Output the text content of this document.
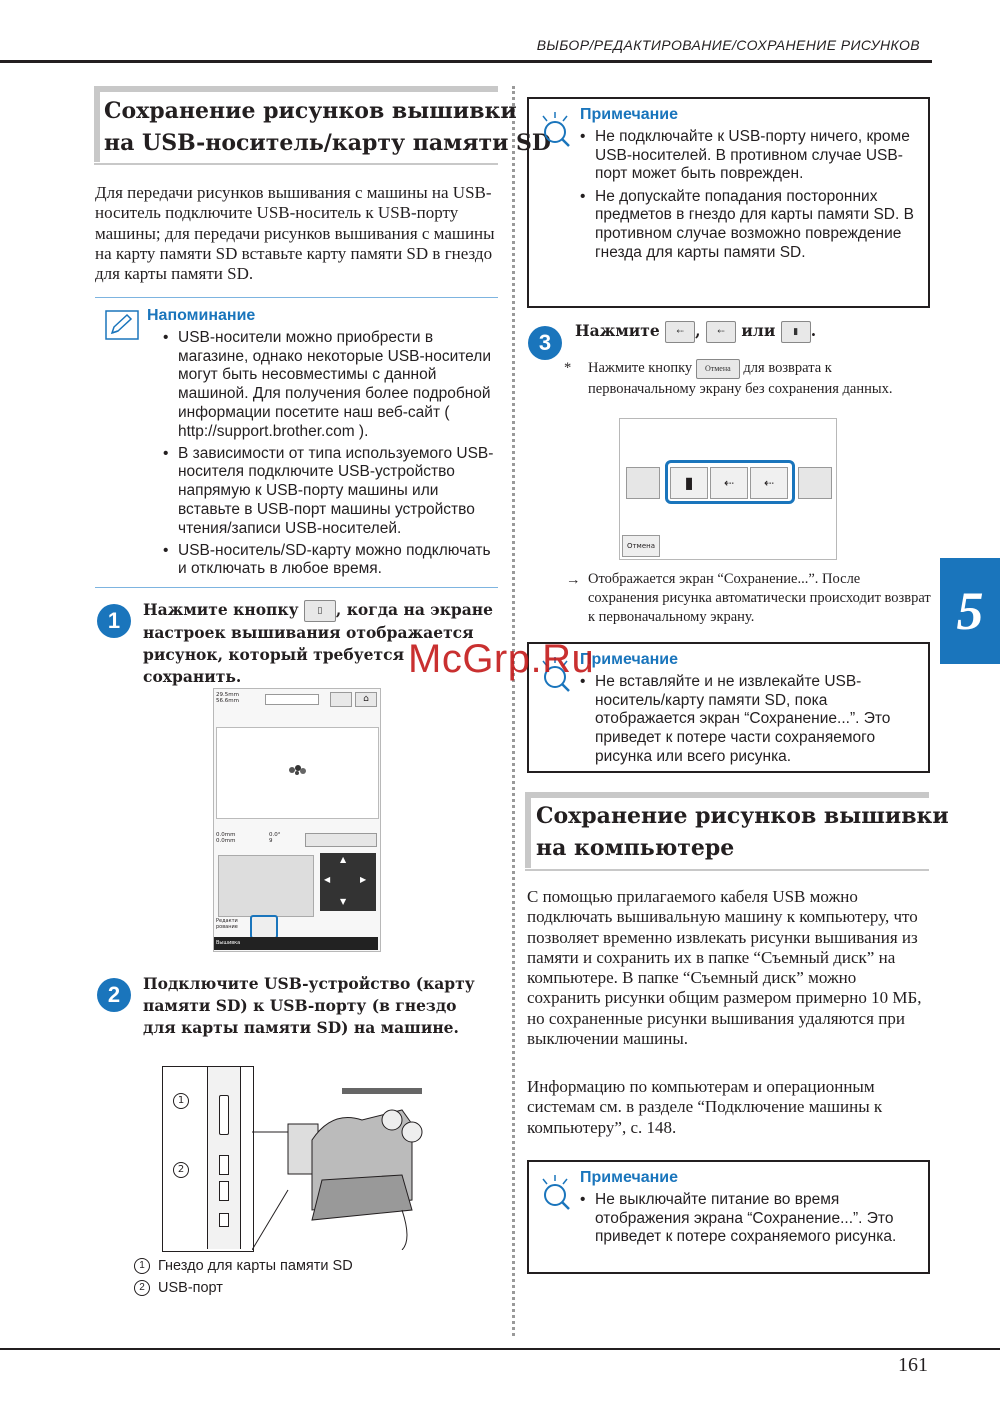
ВЫБОР/РЕДАКТИРОВАНИЕ/СОХРАНЕНИЕ РИСУНКОВ
5
161
Сохранение рисунков вышивки
на USB-носитель/карту памяти SD
Для передачи рисунков вышивания с машины на USB-носитель подключите USB-носитель к USB-порту машины; для передачи рисунков вышивания с машины на карту памяти SD вставьте карту памяти SD в гнездо для карты памяти SD.
Напоминание
• USB-носители можно приобрести в магазине, однако некоторые USB-носители могут быть несовместимы с данной машиной. Для получения более подробной информации посетите наш веб-сайт ( http://support.brother.com ).
• В зависимости от типа используемого USB-носителя подключите USB-устройство напрямую к USB-порту машины или вставьте в USB-порт машины устройство чтения/записи USB-носителей.
• USB-носитель/SD-карту можно подключать и отключать в любое время.
1	Нажмите кнопку ▯ , когда на экране настроек вышивания отображается рисунок, который требуется сохранить.
29.5mm
56.6mm	⌂
0.0mm
0.0mm
0.0°
9
▲
▼
◀	▶
Редакти рование
Вышивка
2	Подключите USB-устройство (карту памяти SD) к USB-порту (в гнездо для карты памяти SD) на машине.
1
2
1 Гнездо для карты памяти SD
2 USB-порт
Примечание
• Не подключайте к USB-порту ничего, кроме USB-носителей. В противном случае USB-порт может быть поврежден.
• Не допускайте попадания посторонних предметов в гнездо для карты памяти SD. В противном случае возможно повреждение гнезда для карты памяти SD.
3	Нажмите ⇠ , ⇠ или ▮ .
* Нажмите кнопку Отмена для возврата к первоначальному экрану без сохранения данных.
▮	⇠	⇠
Отмена
→ Отображается экран “Сохранение...”. После сохранения рисунка автоматически происходит возврат к первоначальному экрану.
Примечание
• Не вставляйте и не извлекайте USB-носитель/карту памяти SD, пока отображается экран “Сохранение...”. Это приведет к потере части сохраняемого рисунка или всего рисунка.
McGrp.Ru
Сохранение рисунков вышивки
на компьютере
С помощью прилагаемого кабеля USB можно подключать вышивальную машину к компьютеру, что позволяет временно извлекать рисунки вышивания из памяти и сохранить их в папке “Съемный диск” на компьютере. В папке “Съемный диск” можно сохранить рисунки общим размером примерно 10 МБ, но сохраненные рисунки вышивания удаляются при выключении машины.
Информацию по компьютерам и операционным системам см. в разделе “Подключение машины к компьютеру”, с. 148.
Примечание
• Не выключайте питание во время отображения экрана “Сохранение...”. Это приведет к потере сохраняемого рисунка.
